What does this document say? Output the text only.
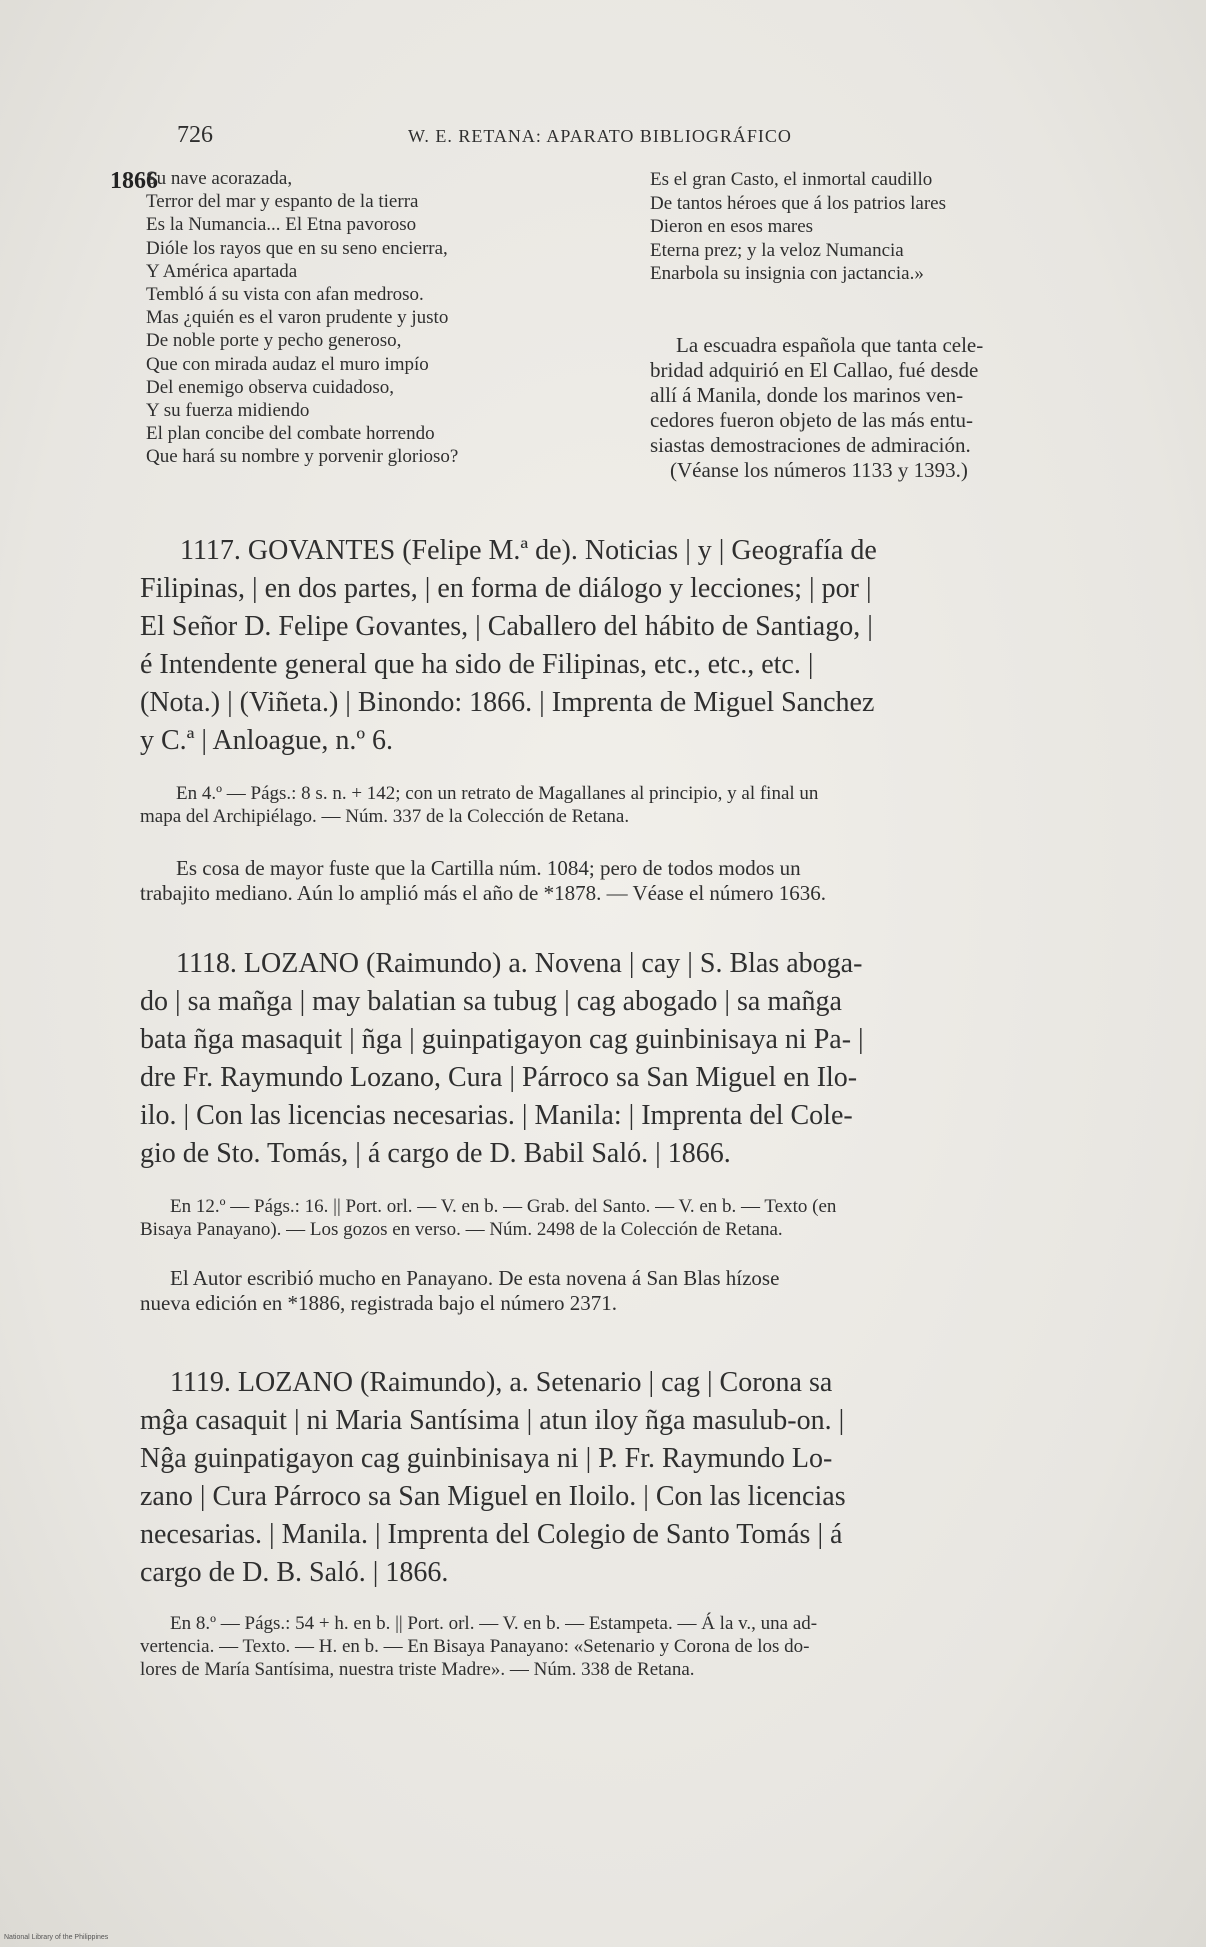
726	W. E. RETANA: APARATO BIBLIOGRÁFICO
1866
Su nave acorazada,
Terror del mar y espanto de la tierra
Es la Numancia... El Etna pavoroso
Dióle los rayos que en su seno encierra,
Y América apartada
Tembló á su vista con afan medroso.
Mas ¿quién es el varon prudente y justo
De noble porte y pecho generoso,
Que con mirada audaz el muro impío
Del enemigo observa cuidadoso,
Y su fuerza midiendo
El plan concibe del combate horrendo
Que hará su nombre y porvenir glorioso?
Es el gran Casto, el inmortal caudillo
De tantos héroes que á los patrios lares
Dieron en esos mares
Eterna prez; y la veloz Numancia
Enarbola su insignia con jactancia.»
La escuadra española que tanta cele-
bridad adquirió en El Callao, fué desde
allí á Manila, donde los marinos ven-
cedores fueron objeto de las más entu-
siastas demostraciones de admiración.
(Véanse los números 1133 y 1393.)
1117. GOVANTES (Felipe M.ª de). Noticias | y | Geografía de
Filipinas, | en dos partes, | en forma de diálogo y lecciones; | por |
El Señor D. Felipe Govantes, | Caballero del hábito de Santiago, |
é Intendente general que ha sido de Filipinas, etc., etc., etc. |
(Nota.) | (Viñeta.) | Binondo: 1866. | Imprenta de Miguel Sanchez
y C.ª | Anloague, n.º 6.
En 4.º — Págs.: 8 s. n. + 142; con un retrato de Magallanes al principio, y al final un
mapa del Archipiélago. — Núm. 337 de la Colección de Retana.
Es cosa de mayor fuste que la Cartilla núm. 1084; pero de todos modos un
trabajito mediano. Aún lo amplió más el año de *1878. — Véase el número 1636.
1118. LOZANO (Raimundo) a. Novena | cay | S. Blas aboga-
do | sa mañga | may balatian sa tubug | cag abogado | sa mañga
bata ñga masaquit | ñga | guinpatigayon cag guinbinisaya ni Pa- |
dre Fr. Raymundo Lozano, Cura | Párroco sa San Miguel en Ilo-
ilo. | Con las licencias necesarias. | Manila: | Imprenta del Cole-
gio de Sto. Tomás, | á cargo de D. Babil Saló. | 1866.
En 12.º — Págs.: 16. || Port. orl. — V. en b. — Grab. del Santo. — V. en b. — Texto (en
Bisaya Panayano). — Los gozos en verso. — Núm. 2498 de la Colección de Retana.
El Autor escribió mucho en Panayano. De esta novena á San Blas hízose
nueva edición en *1886, registrada bajo el número 2371.
1119. LOZANO (Raimundo), a. Setenario | cag | Corona sa
mĝa casaquit | ni Maria Santísima | atun iloy ñga masulub-on. |
Nĝa guinpatigayon cag guinbinisaya ni | P. Fr. Raymundo Lo-
zano | Cura Párroco sa San Miguel en Iloilo. | Con las licencias
necesarias. | Manila. | Imprenta del Colegio de Santo Tomás | á
cargo de D. B. Saló. | 1866.
En 8.º — Págs.: 54 + h. en b. || Port. orl. — V. en b. — Estampeta. — Á la v., una ad-
vertencia. — Texto. — H. en b. — En Bisaya Panayano: «Setenario y Corona de los do-
lores de María Santísima, nuestra triste Madre». — Núm. 338 de Retana.
National Library of the Philippines
